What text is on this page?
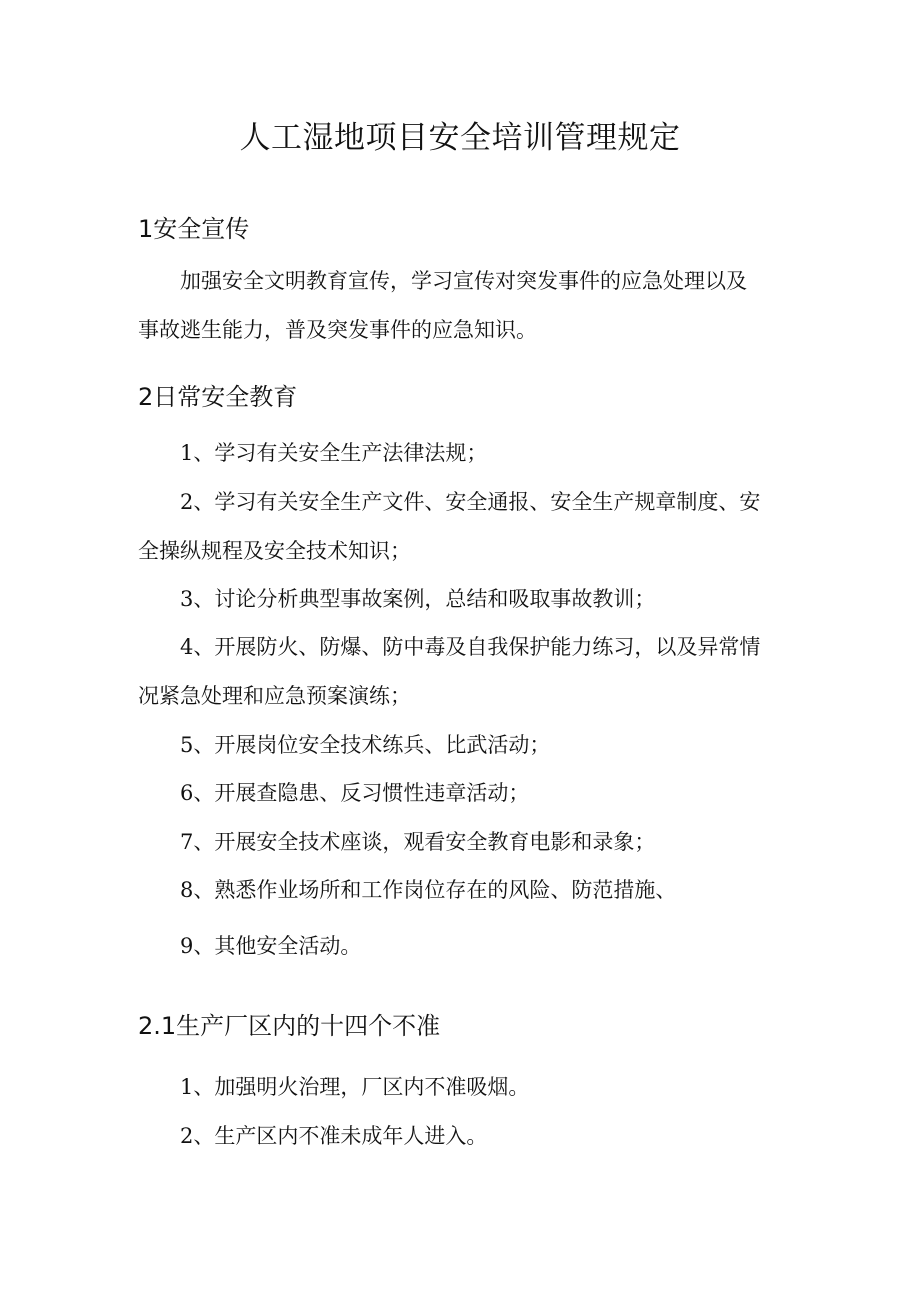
人工湿地项目安全培训管理规定
1安全宣传
加强安全文明教育宣传，学习宣传对突发事件的应急处理以及
事故逃生能力，普及突发事件的应急知识。
2日常安全教育
1、学习有关安全生产法律法规；
2、学习有关安全生产文件、安全通报、安全生产规章制度、安
全操纵规程及安全技术知识；
3、讨论分析典型事故案例，总结和吸取事故教训；
4、开展防火、防爆、防中毒及自我保护能力练习，以及异常情
况紧急处理和应急预案演练；
5、开展岗位安全技术练兵、比武活动；
6、开展查隐患、反习惯性违章活动；
7、开展安全技术座谈，观看安全教育电影和录象；
8、熟悉作业场所和工作岗位存在的风险、防范措施、
9、其他安全活动。
2.1生产厂区内的十四个不准
1、加强明火治理，厂区内不准吸烟。
2、生产区内不准未成年人进入。
